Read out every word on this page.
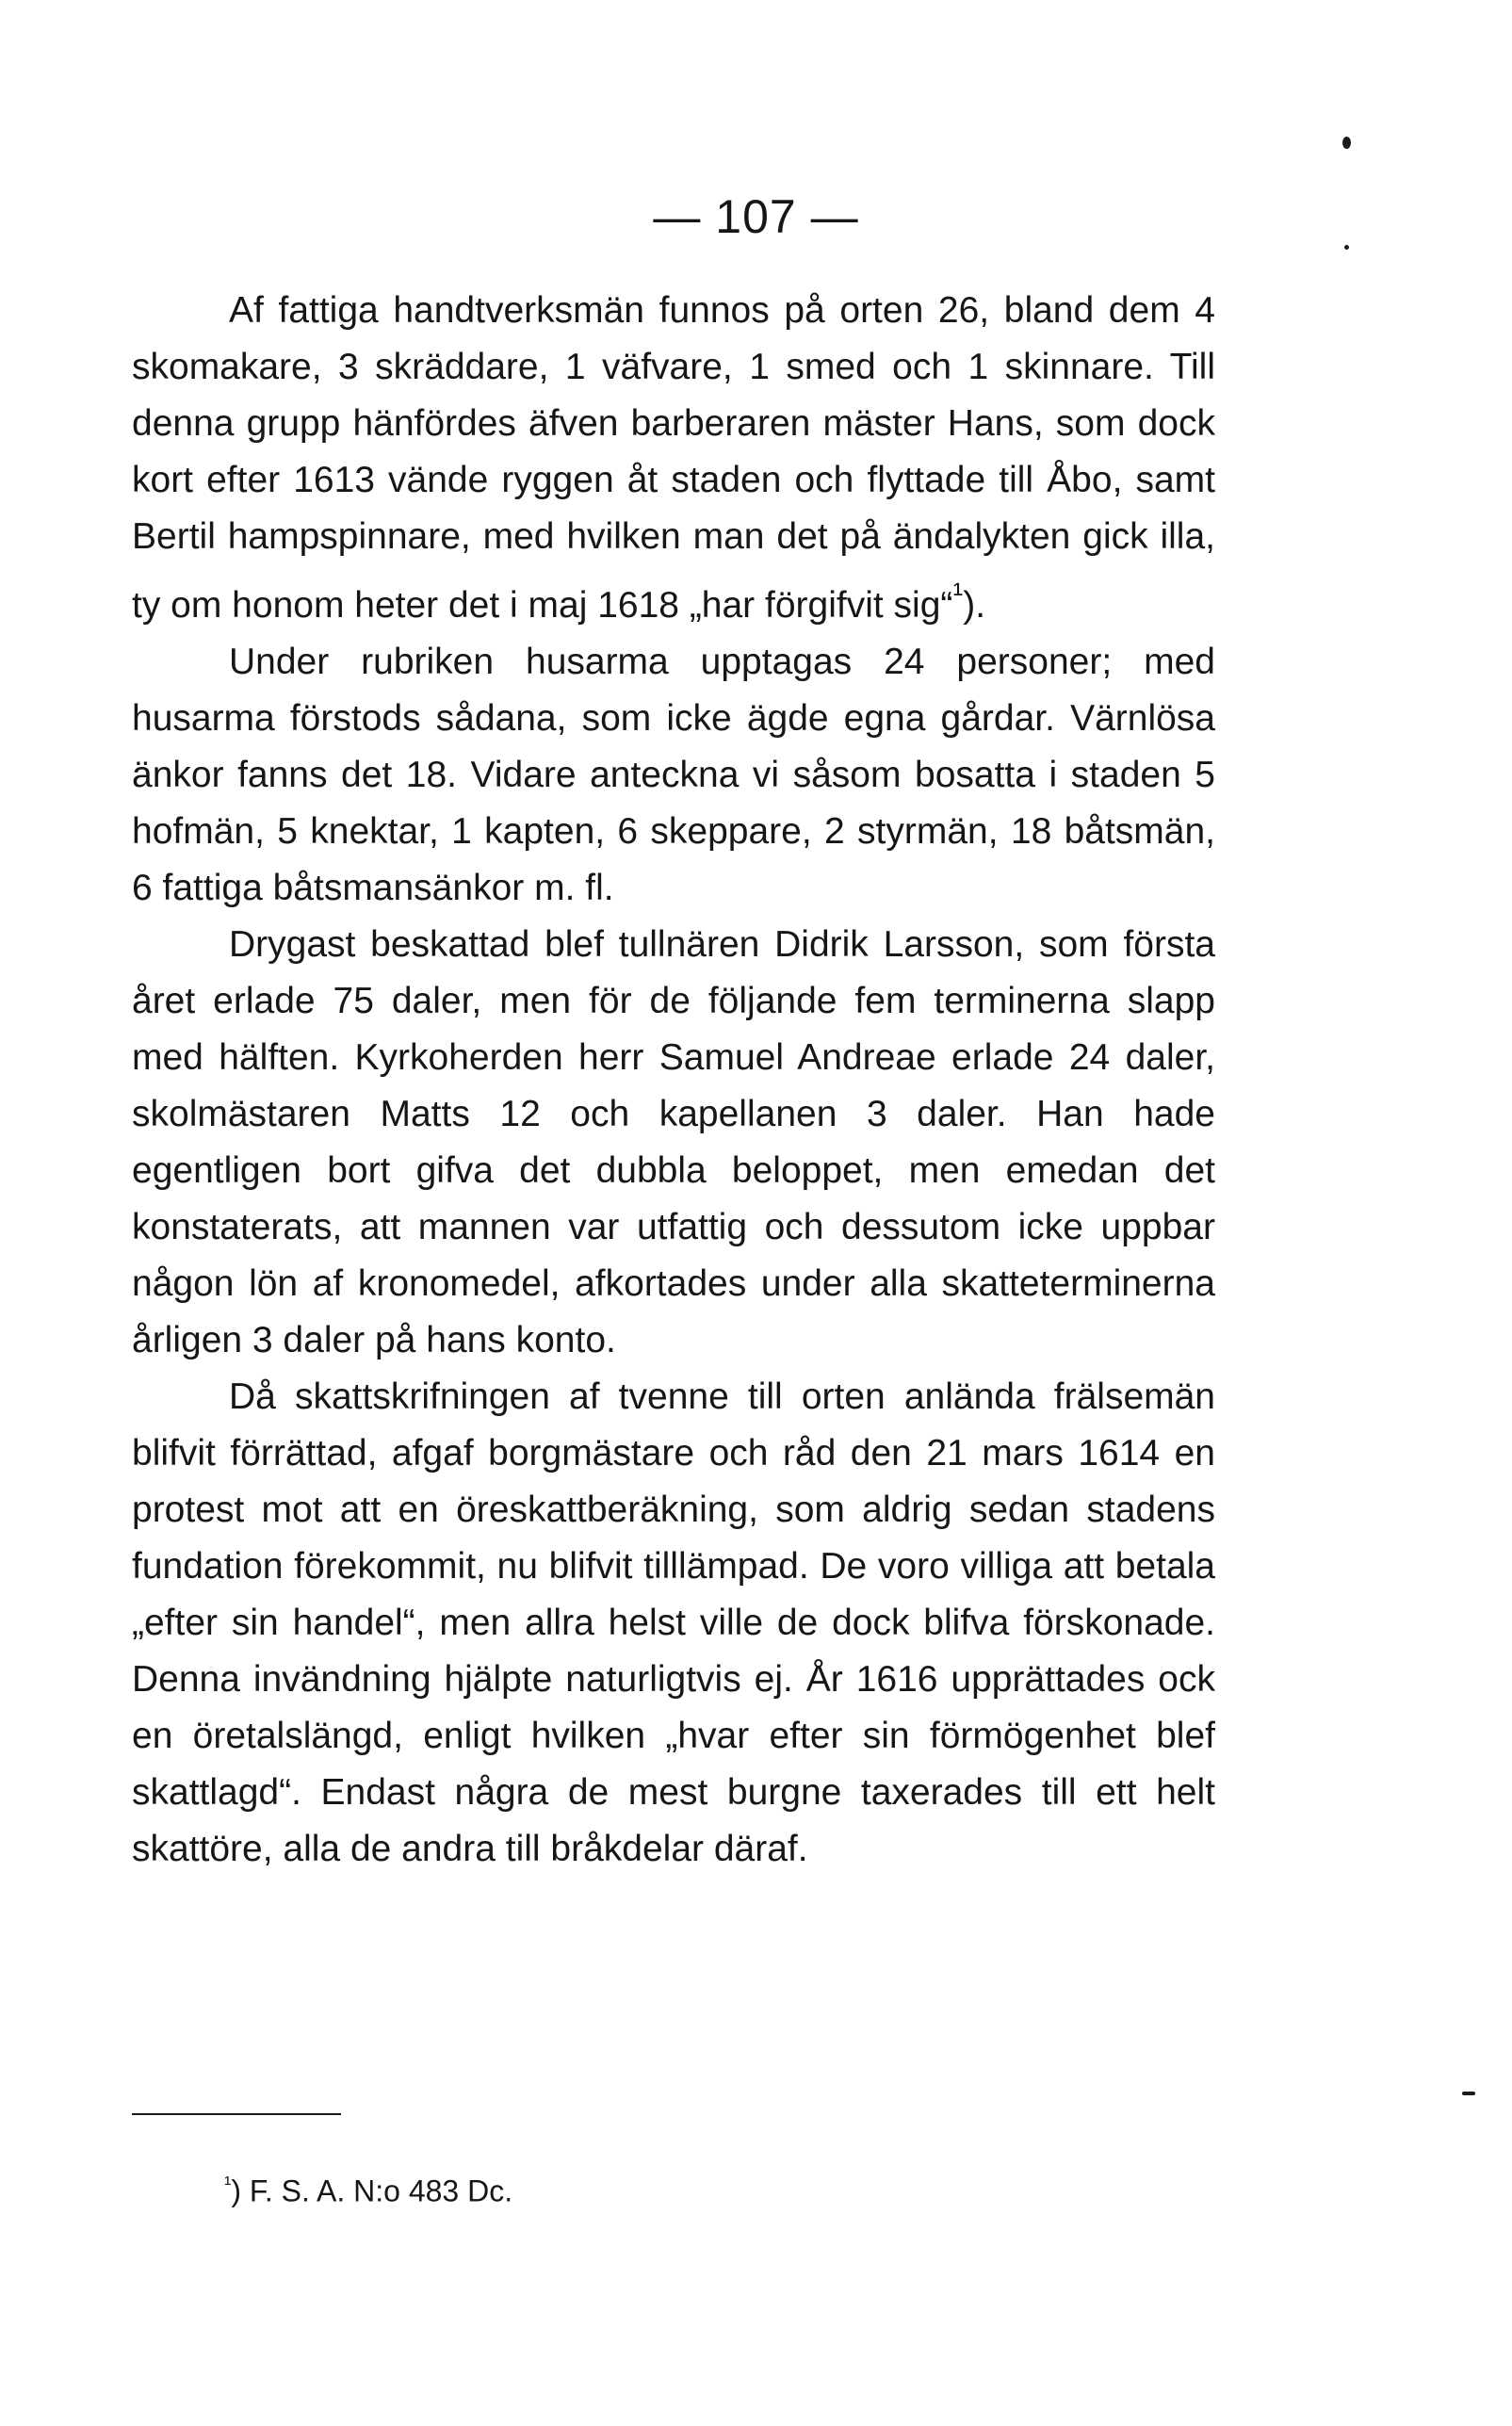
— 107 —

Af fattiga handtverksmän funnos på orten 26, bland dem 4 skomakare, 3 skräddare, 1 väfvare, 1 smed och 1 skinnare. Till denna grupp hänfördes äfven barberaren mäster Hans, som dock kort efter 1613 vände ryggen åt staden och flyttade till Åbo, samt Bertil hampspinnare, med hvilken man det på ändalykten gick illa, ty om honom heter det i maj 1618 „har förgifvit sig“$^{^1}$).

Under rubriken husarma upptagas 24 personer; med husarma förstods sådana, som icke ägde egna gårdar. Värnlösa änkor fanns det 18. Vidare anteckna vi såsom bosatta i staden 5 hofmän, 5 knektar, 1 kapten, 6 skeppare, 2 styrmän, 18 båtsmän, 6 fattiga båtsmansänkor m. fl.

Drygast beskattad blef tullnären Didrik Larsson, som första året erlade 75 daler, men för de följande fem terminerna slapp med hälften. Kyrkoherden herr Samuel Andreae erlade 24 daler, skolmästaren Matts 12 och kapellanen 3 daler. Han hade egentligen bort gifva det dubbla beloppet, men emedan det konstaterats, att mannen var utfattig och dessutom icke uppbar någon lön af kronomedel, afkortades under alla skatteterminerna årligen 3 daler på hans konto.

Då skattskrifningen af tvenne till orten anlända frälsemän blifvit förrättad, afgaf borgmästare och råd den 21 mars 1614 en protest mot att en öreskattberäkning, som aldrig sedan stadens fundation förekommit, nu blifvit tilllämpad. De voro villiga att betala „efter sin handel“, men allra helst ville de dock blifva förskonade. Denna invändning hjälpte naturligtvis ej. År 1616 upprättades ock en öretalslängd, enligt hvilken „hvar efter sin förmögenhet blef skattlagd“. Endast några de mest burgne taxerades till ett helt skattöre, alla de andra till bråkdelar däraf.

$^{^1}$) F. S. A. N:o 483 Dc.
